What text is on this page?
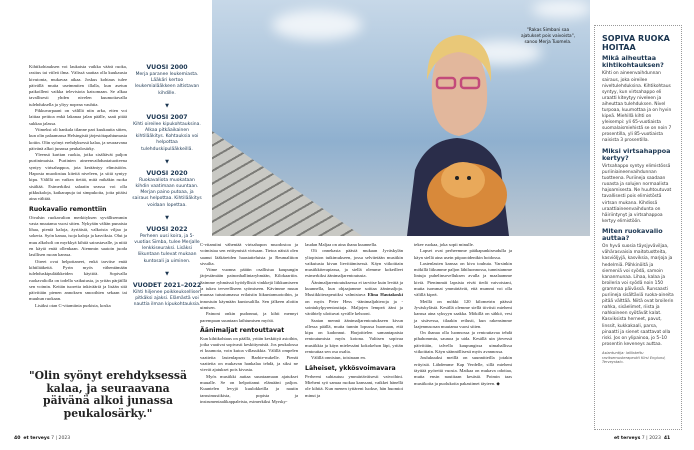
Kihtikohtauksen voi laukaista vaikka väärä ruoka, rasitus tai viileä ilma. Välissä saattaa olla kuukausia kivutonta, mukavaa aikaa. Joskus kohtaus tulee päivällä mutta useimmiten illalla, kun asetun paikoilleni vaikka televisiota katsomaan. Se alkaa tavallisesti yhden nivelen kuumottavalla tulehduksella ja yltyy nopeaa vauhtia.

Pikkuvarpaani on välillä niin arka, etten voi laittaa peittoa enkä lakanaa jalan päälle, saati pitää sukkaa jalassa.

Viimeksi oli hankala tilanne pari kuukautta sitten, kun olin palaamassa Helsingistä järjestötapahtumasta kotiin. Olin syönyt erehdyksessä kalaa, ja seuraavana päivänä alkoi junassa peukalosärky.

Yleensä karttan ruokia, jotka sisältävät paljon puriinimaisia. Puriinien aineenvaihduntatuotteena syntyy virtsahappoa, jota kerääntyy elimistöön. Haposta muodostuu kiteitä niveleen, ja siitä syntyy kipu. Välillä on vaikea tietää, mitä mikäkin ruoka sisältää. Esimerkiksi salaatin seassa voi olla pikkukaloja, katkarapuja tai simpukoita, joita pitäisi aina välttää.

Ruokavalio remonttiin

Oivalsin ruokavalion merkityksen syvällisemmin vasta muutama vuosi sitten. Nykyään vältän punaista lihaa, pieniä kaloja, äyriäisiä, valkoista viljaa ja sokeria. Syön kanaa, isoja kaloja ja kasviksia. Olut ja muu alkoholi on myrkkyä kihtiä sairastavalle, ja niitä en käytä enää ollenkaan. Aiemmin saatoin juoda lasillisen ruoan kanssa.

Oireet ovat helpottaneet, enkä tarvitse enää kihtilääkettä. Pyrin myös vähentämään tulehduskipulääkkeiden käyttöä. Sopivalla ruokavaliolla on todella vaikutusta, ja yritän pärjäillä sen voimin. Keitän tuoretta inkivääriä ja lisään sitä päivittäin pienen annoksen smoothien sekaan tai muuhun ruokaan.

Lisäksi otan C-vitamiinia purkista, koska

VUOSI 2000
Merja paranee leukemiasta. Lääkäri kertoo leukemialääkkeen altistavan kihdille.
▼
VUOSI 2007
Kihti oireilee kipukohtauksina. Alkaa pitkäaikainen kihtilääkitys. Kohtauksia voi helpottaa tulehduskipulääkkeillä.
▼
VUOSI 2020
Ruokavaliota muokataan kihdin vaatimaan suuntaan. Merjan paino putoaa, ja sairaus helpottaa. Kihtilääkitys voidaan lopettaa.
▼
VUOSI 2022
Perheen uusi koira, ja 5-vuotias Simba, tulee Merjalle lenkkiseuraksi. Lisäksi liikuntaan tulevat mukaan kuntosali ja uiminen.
▼
VUODET 2021–2022
Kihti hiljenee poikkeuksellisen pitkäksi ajaksi. Elämästä voi nauttia ilman kipukohtauksia.
"Rakas Simbani saa ajatukset pois vaivoista", sanoo Merja Tuomela.
"Olin syönyt erehdyksessä kalaa, ja seuraavana päivänä alkoi junassa peukalosärky."

C-vitamiini vähentää virtsahapon muodostoa ja voimistaa sen erittymistä virtsaan. Tietoa näistä olen saanut lääkäreiden haastatteluista ja Reumaliiton sivuilta.

Viime vuonna päätin osallistua kaupungin järjestämään painonhallintaryhmään, Kilokaartiin. Saimme ryhmässä hyödyllisiä vinkkejä liikkumiseen ja tukea terveelliseen syömiseen. Kävimme muun muassa tutustumassa erilaisiin liikuntamuotoihin, ja innostuin käymään kuntosalilla. Sen jälkeen aloitin uimisen.

Painoni onkin pudonnut, ja kihti mennyt parempaan suuntaan laihtumisen myötä.

Äänimaljat rentouttavat

Kun kihtikohtaus on päällä, yritän keskittyä asioihin, jotka vaativat sopivasti keskittymistä. Jos peukalossa ei kuumota, voin kutoa villasukkia. Välillä ompelen vaatteita lastenlapsen Barbie-nukelle. Pienät vaatteita on mukavan hankalaa tehdä, ja siksi ne vievät ajatukset pois kivusta.

Myös musiikki auttaa suuntaamaan ajatukset muualle. Se on helpottanut elämääni paljon. Kuuntelen levyjä kuulokkeilla ja nautin tanssimusiikista, popista ja instrumentaalikappaleista, esimerkiksi Myrsky-

laudan Maljaa on aina ihana kuunnella.

Oli onnekasta päästä mukaan Jyväskylän yliopiston tutkimukseen, jossa selvitetään musiikin vaikutusta kivun lievittämisessä. Käyn viikoittain musiikkiterapiassa, ja siellä olemme kokeilleet esimerkiksi äänimaljarentoutusta.

Äänimaljarentoutuksessa ei tarvitse kuin levätä ja kuunnella, kun ohjaajamme soittaa äänimaljoja. Musiikkiterapeutiksi valmistuva Elina Hautakoski on myös Peter Hess -äänimaljahieroja ja -sointukylpyrentouttaja. Maljojen lempeä ääni ja värähtely ulottuvat syvälle kehooni.

Saatan mennä äänimaljarentoutukseen kivun ollessa päällä, mutta tunnin lopussa huomaan, että kipu on kadonnut. Harjoittelen samantapaista rentoutumista myös kotona. Valitsen sopivaa musiikkia ja käyn mielessäni kokokehon läpi, yritän rentouttaa sen osa osalta.

Välillä onnistun, toisinaan en.

Läheiset, ykkösvoimavara

Perheeni suhtautuu ymmärtäväisesti vaivoihini. Mieheni syö samaa ruokaa kanssani, vaikkei hänellä ole kihtiä. Kun menen tyttäreni luokse, hän huomioi minut ja

tekee ruokaa, joka sopii minulle.

Lapset ovat perheemme pääkapunkiseudulla ja käyn siellä aina usein piiparoidenikin hoidossa.

Lastenlasten kanssa on kiva touhuta. Varsinkin mökillä liikumme paljon lähiluonnossa, tunnistamme lintuja puhelinsovelluksen avulla ja maalaamme kiviä. Pienimmät lapsista eivät tiedä vaivoistani, mutta isommat ymmärtävät, että mummi voi olla välillä kipeä.

Meillä on mökki 120 kilometrin päässä Jyväskylästä. Kesällä olemme siellä tiiviisti mieheni kanssa aina syksyyn saakka. Mökillä on sähkö, vesi ja sisävessa, tilaakin reilusti, kun rakensimme laajennusosan muutama vuosi sitten.

On ihanaa olla luonnossa ja rentouttavaa tehdä pihahommia, saunoa ja uida. Kesällä uin järvessä päivittäin, talvella kaupungissa uimahallissa viikoittain. Käyn säännöllisesti myös avannossa.

Joulukuuksi meillä on suunnitteilla jotakin erityistä. Lähdemme Kap Verdelle, sillä mieheni täyttää pyöreitä vuosia. Matkaa on mukava odottaa, mutta ensin nautitaan kesästä. Poimin taas mustikoita ja puolukoita pakastimet täyteen. ◆

SOPIVA RUOKA HOITAA
Mikä aiheuttaa kihtikohtauksen?
Kihti on aineenvaihdunnan sairaus, joka oireilee niveltulehduksina. Kihtikohtaus syntyy, kun virtsahappo eli uraatti kiteytyy niveleen ja aiheuttaa tulehduksen. Nivel turpoaa, kuumottaa ja on hyvin kipeä. Miehillä kihti on yleisempi: yli 65-vuotiaista suomalaismiehistä se on noin 7 prosentilla, yli 85-vuotiaista naisista 3 prosentilla.
Miksi virtsahappoa kertyy?
Virtsahappo syntyy elimistössä puriiniaineenvaihdunnan tuotteena. Puriineja saadaan ruoasta ja solujen normaalista hajoamisesta. Ne huuhtoutuvat tavallisesti pois elimistöstä virtsan mukana. Kihdissä uraattiaineenvaihdunta on häiriintynyt ja virtsahappoa kertyy elimistöön.
Miten ruokavalio auttaa?
On hyvä suosia täysjyväviljaa, vähärasvaisia maitotuotteita, kasviöljyjä, kasviksia, marjoja ja hedelmiä. Pähkinöitä ja siemeniä voi syödä, samoin kananmunaa. Lihaa, kalaa ja broileria voi syödä noin 150 grammaa päivässä. Runsaasti puriineja sisältäviä ruoka-aineita pitää välttää. Niitä ovat broilerin nahka, sisäelimet, riista ja nahkoineen syötävät kalat. Kasviksista herneet, pavut, linssit, kukkakaali, parsa, pinaatti ja sienet saattavat olla riski. Jos on ylipainoa, jo 5–10 prosentin keveneys auttaa.
Asiantuntija: laillistettu ravitsemusterapeutti Kirsi Englund, Terveystalo.
40 et terveys 7 | 2023	et terveys 7 | 2023 41
